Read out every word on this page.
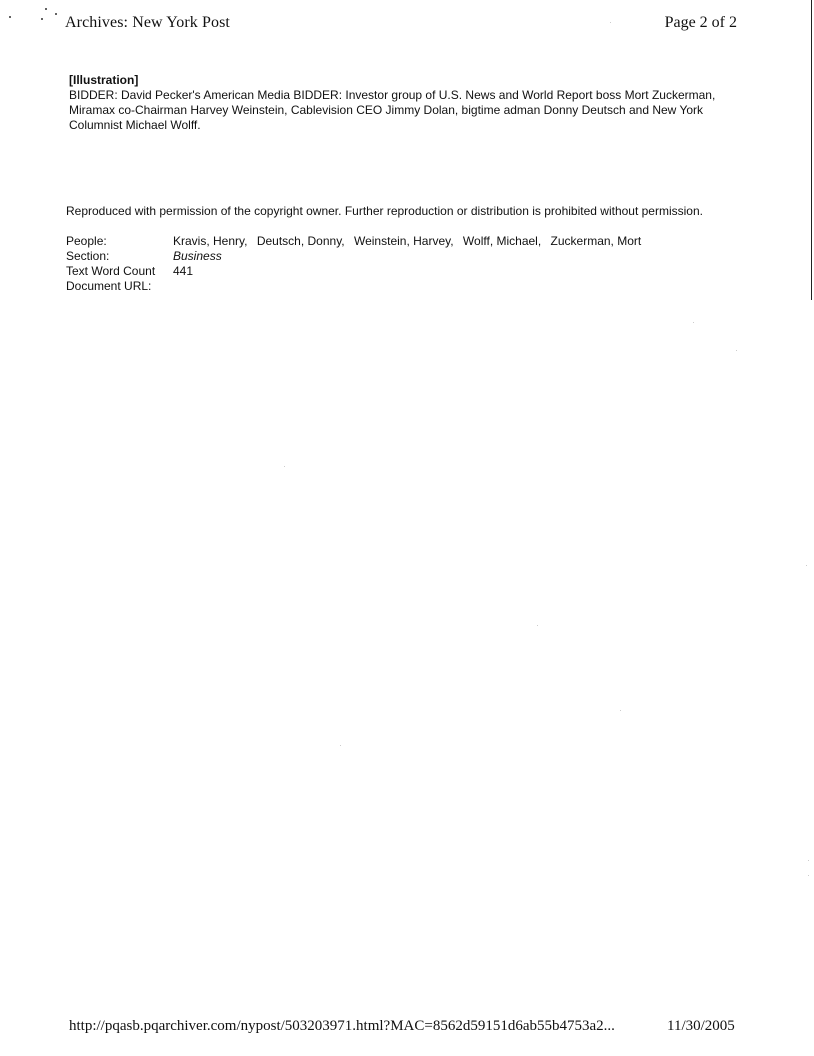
Archives: New York Post	Page 2 of 2
[Illustration]
BIDDER: David Pecker's American Media BIDDER: Investor group of U.S. News and World Report boss Mort Zuckerman, Miramax co-Chairman Harvey Weinstein, Cablevision CEO Jimmy Dolan, bigtime adman Donny Deutsch and New York Columnist Michael Wolff.
Reproduced with permission of the copyright owner. Further reproduction or distribution is prohibited without permission.
People:	Kravis, Henry, Deutsch, Donny, Weinstein, Harvey, Wolff, Michael, Zuckerman, Mort
Section:	Business
Text Word Count	441
Document URL:
http://pqasb.pqarchiver.com/nypost/503203971.html?MAC=8562d59151d6ab55b4753a2...	11/30/2005
